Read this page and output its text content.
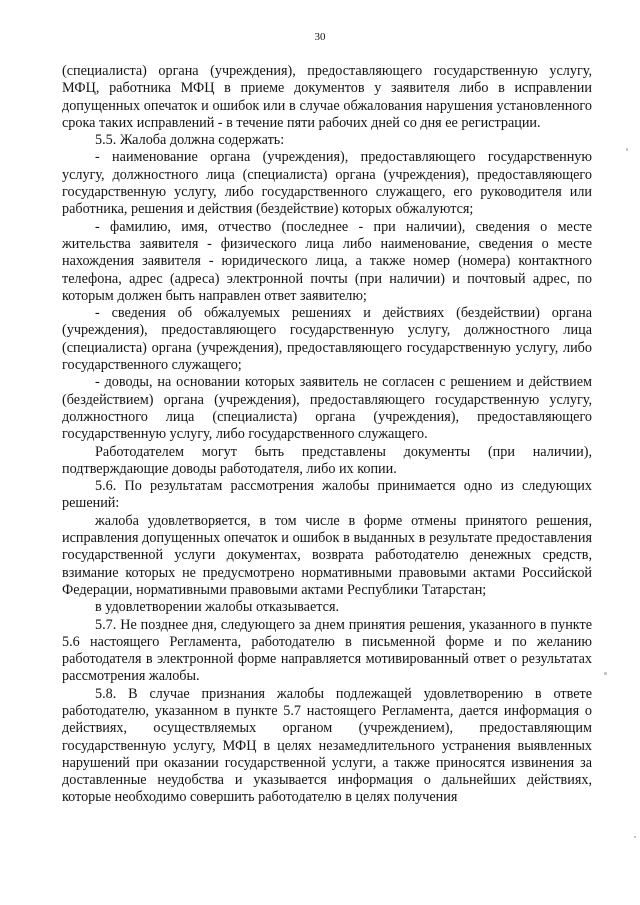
30

(специалиста) органа (учреждения), предоставляющего государственную услугу, МФЦ, работника МФЦ в приеме документов у заявителя либо в исправлении допущенных опечаток и ошибок или в случае обжалования нарушения установленного срока таких исправлений - в течение пяти рабочих дней со дня ее регистрации.

5.5. Жалоба должна содержать:

- наименование органа (учреждения), предоставляющего государственную услугу, должностного лица (специалиста) органа (учреждения), предоставляющего государственную услугу, либо государственного служащего, его руководителя или работника, решения и действия (бездействие) которых обжалуются;

- фамилию, имя, отчество (последнее - при наличии), сведения о месте жительства заявителя - физического лица либо наименование, сведения о месте нахождения заявителя - юридического лица, а также номер (номера) контактного телефона, адрес (адреса) электронной почты (при наличии) и почтовый адрес, по которым должен быть направлен ответ заявителю;

- сведения об обжалуемых решениях и действиях (бездействии) органа (учреждения), предоставляющего государственную услугу, должностного лица (специалиста) органа (учреждения), предоставляющего государственную услугу, либо государственного служащего;

- доводы, на основании которых заявитель не согласен с решением и действием (бездействием) органа (учреждения), предоставляющего государственную услугу, должностного лица (специалиста) органа (учреждения), предоставляющего государственную услугу, либо государственного служащего.

Работодателем могут быть представлены документы (при наличии), подтверждающие доводы работодателя, либо их копии.

5.6. По результатам рассмотрения жалобы принимается одно из следующих решений:

жалоба удовлетворяется, в том числе в форме отмены принятого решения, исправления допущенных опечаток и ошибок в выданных в результате предоставления государственной услуги документах, возврата работодателю денежных средств, взимание которых не предусмотрено нормативными правовыми актами Российской Федерации, нормативными правовыми актами Республики Татарстан;

в удовлетворении жалобы отказывается.

5.7. Не позднее дня, следующего за днем принятия решения, указанного в пункте 5.6 настоящего Регламента, работодателю в письменной форме и по желанию работодателя в электронной форме направляется мотивированный ответ о результатах рассмотрения жалобы.

5.8. В случае признания жалобы подлежащей удовлетворению в ответе работодателю, указанном в пункте 5.7 настоящего Регламента, дается информация о действиях, осуществляемых органом (учреждением), предоставляющим государственную услугу, МФЦ в целях незамедлительного устранения выявленных нарушений при оказании государственной услуги, а также приносятся извинения за доставленные неудобства и указывается информация о дальнейших действиях, которые необходимо совершить работодателю в целях получения
